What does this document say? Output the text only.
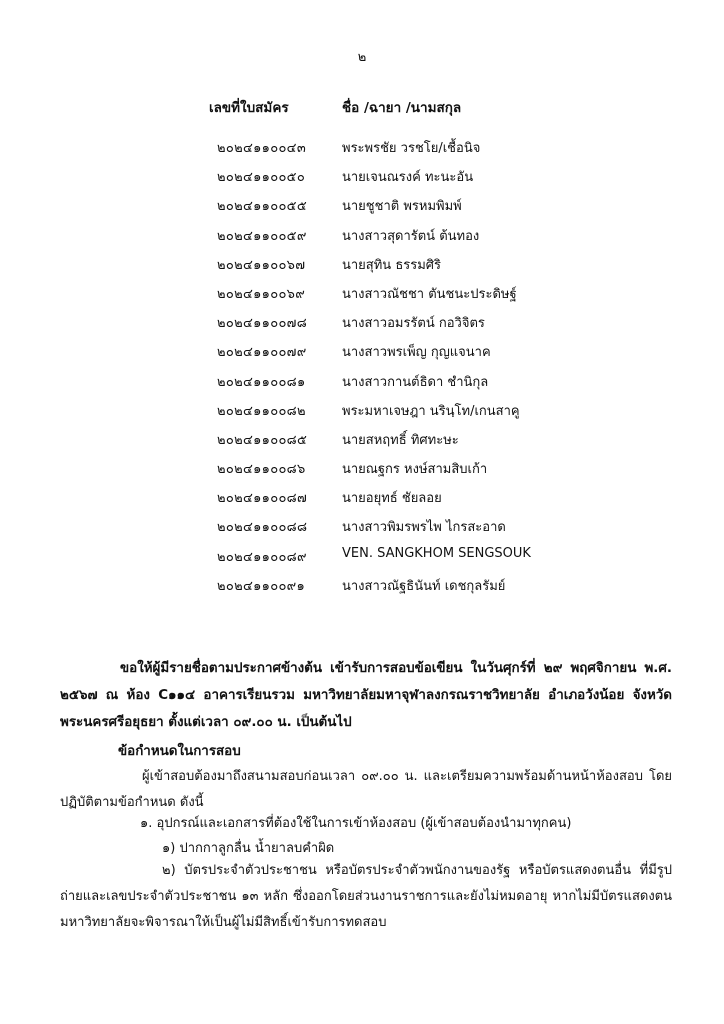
๒
เลขที่ใบสมัคร	ชื่อ /ฉายา /นามสกุล
๒๐๒๔๑๑๐๐๔๓	พระพรชัย วรชโย/เชื้อนิจ
๒๐๒๔๑๑๐๐๕๐	นายเจนณรงค์ ทะนะอัน
๒๐๒๔๑๑๐๐๕๕	นายชูชาติ พรหมพิมพ์
๒๐๒๔๑๑๐๐๕๙	นางสาวสุดารัตน์ ต้นทอง
๒๐๒๔๑๑๐๐๖๗	นายสุทิน ธรรมศิริ
๒๐๒๔๑๑๐๐๖๙	นางสาวณัชชา ตันชนะประดิษฐ์
๒๐๒๔๑๑๐๐๗๘	นางสาวอมรรัตน์ กอวิจิตร
๒๐๒๔๑๑๐๐๗๙	นางสาวพรเพ็ญ กุญแจนาค
๒๐๒๔๑๑๐๐๘๑	นางสาวกานต์ธิดา ชำนิกุล
๒๐๒๔๑๑๐๐๘๒	พระมหาเจษฎา นรินฺโท/เกนสาคู
๒๐๒๔๑๑๐๐๘๕	นายสหฤทธิ์ ทิศทะษะ
๒๐๒๔๑๑๐๐๘๖	นายณฐกร หงษ์สามสิบเก้า
๒๐๒๔๑๑๐๐๘๗	นายอยุทธ์ ชัยลอย
๒๐๒๔๑๑๐๐๘๘	นางสาวพิมรพรไพ ไกรสะอาด
๒๐๒๔๑๑๐๐๘๙	VEN. SANGKHOM SENGSOUK
๒๐๒๔๑๑๐๐๙๑	นางสาวณัฐธินันท์ เดชกุลรัมย์
ขอให้ผู้มีรายชื่อตามประกาศข้างต้น เข้ารับการสอบข้อเขียน ในวันศุกร์ที่ ๒๙ พฤศจิกายน พ.ศ. ๒๕๖๗ ณ ห้อง C๑๑๔ อาคารเรียนรวม มหาวิทยาลัยมหาจุฬาลงกรณราชวิทยาลัย อำเภอวังน้อย จังหวัดพระนครศรีอยุธยา ตั้งแต่เวลา ๐๙.๐๐ น. เป็นต้นไป
ข้อกำหนดในการสอบ
ผู้เข้าสอบต้องมาถึงสนามสอบก่อนเวลา ๐๙.๐๐ น. และเตรียมความพร้อมด้านหน้าห้องสอบ โดยปฏิบัติตามข้อกำหนด ดังนี้
๑. อุปกรณ์และเอกสารที่ต้องใช้ในการเข้าห้องสอบ (ผู้เข้าสอบต้องนำมาทุกคน)
๑) ปากกาลูกลื่น น้ำยาลบคำผิด
๒) บัตรประจำตัวประชาชน หรือบัตรประจำตัวพนักงานของรัฐ หรือบัตรแสดงตนอื่น ที่มีรูปถ่ายและเลขประจำตัวประชาชน ๑๓ หลัก ซึ่งออกโดยส่วนงานราชการและยังไม่หมดอายุ หากไม่มีบัตรแสดงตน มหาวิทยาลัยจะพิจารณาให้เป็นผู้ไม่มีสิทธิ์เข้ารับการทดสอบ
